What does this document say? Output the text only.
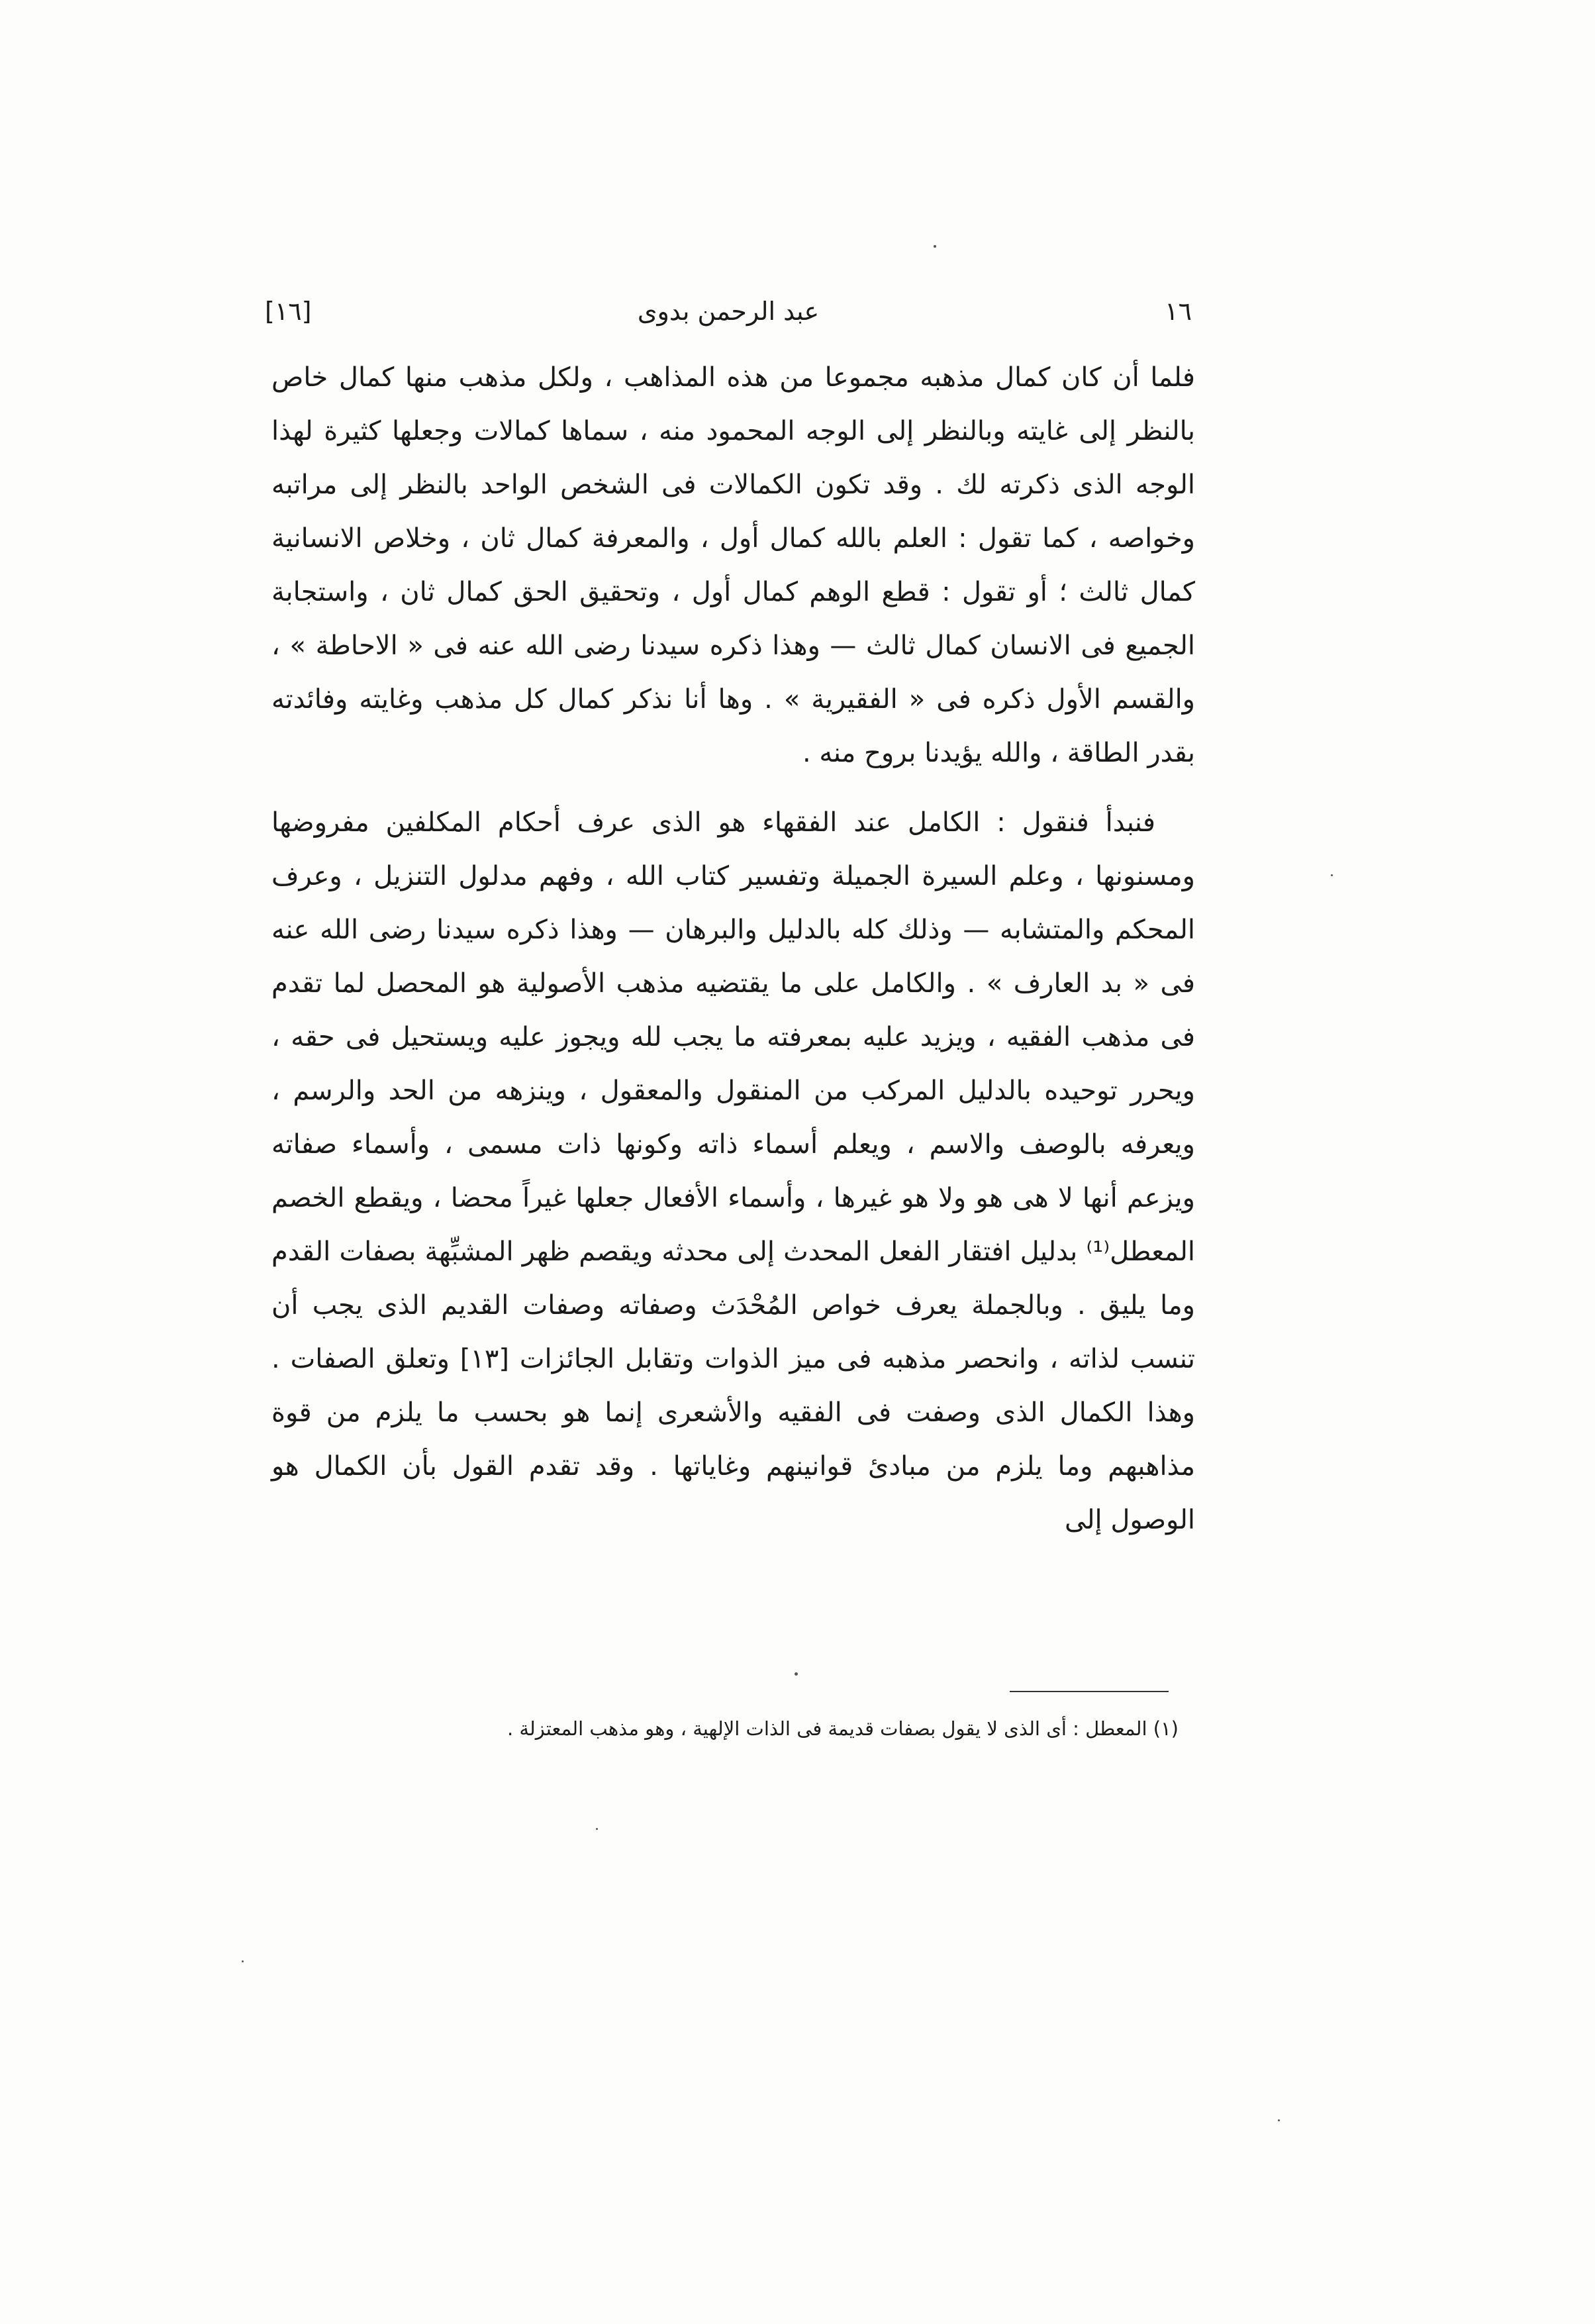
١٦
عبد الرحمن بدوى
[١٦]

فلما أن كان كمال مذهبه مجموعا من هذه المذاهب ، ولكل مذهب منها كمال خاص بالنظر إلى غايته وبالنظر إلى الوجه المحمود منه ، سماها كمالات وجعلها كثيرة لهذا الوجه الذى ذكرته لك . وقد تكون الكمالات فى الشخص الواحد بالنظر إلى مراتبه وخواصه ، كما تقول : العلم بالله كمال أول ، والمعرفة كمال ثان ، وخلاص الانسانية كمال ثالث ؛ أو تقول : قطع الوهم كمال أول ، وتحقيق الحق كمال ثان ، واستجابة الجميع فى الانسان كمال ثالث — وهذا ذكره سيدنا رضى الله عنه فى « الاحاطة » ، والقسم الأول ذكره فى « الفقيرية » . وها أنا نذكر كمال كل مذهب وغايته وفائدته بقدر الطاقة ، والله يؤيدنا بروح منه .

فنبدأ فنقول : الكامل عند الفقهاء هو الذى عرف أحكام المكلفين مفروضها ومسنونها ، وعلم السيرة الجميلة وتفسير كتاب الله ، وفهم مدلول التنزيل ، وعرف المحكم والمتشابه — وذلك كله بالدليل والبرهان — وهذا ذكره سيدنا رضى الله عنه فى « بد العارف » . والكامل على ما يقتضيه مذهب الأصولية هو المحصل لما تقدم فى مذهب الفقيه ، ويزيد عليه بمعرفته ما يجب لله ويجوز عليه ويستحيل فى حقه ، ويحرر توحيده بالدليل المركب من المنقول والمعقول ، وينزهه من الحد والرسم ، ويعرفه بالوصف والاسم ، ويعلم أسماء ذاته وكونها ذات مسمى ، وأسماء صفاته ويزعم أنها لا هى هو ولا هو غيرها ، وأسماء الأفعال جعلها غيراً محضا ، ويقطع الخصم المعطل⁽¹⁾ بدليل افتقار الفعل المحدث إلى محدثه ويقصم ظهر المشبِّهة بصفات القدم وما يليق . وبالجملة يعرف خواص المُحْدَث وصفاته وصفات القديم الذى يجب أن تنسب لذاته ، وانحصر مذهبه فى ميز الذوات وتقابل الجائزات [١٣] وتعلق الصفات . وهذا الكمال الذى وصفت فى الفقيه والأشعرى إنما هو بحسب ما يلزم من قوة مذاهبهم وما يلزم من مبادئ قوانينهم وغاياتها . وقد تقدم القول بأن الكمال هو الوصول إلى

(١) المعطل : أى الذى لا يقول بصفات قديمة فى الذات الإلهية ، وهو مذهب المعتزلة .
